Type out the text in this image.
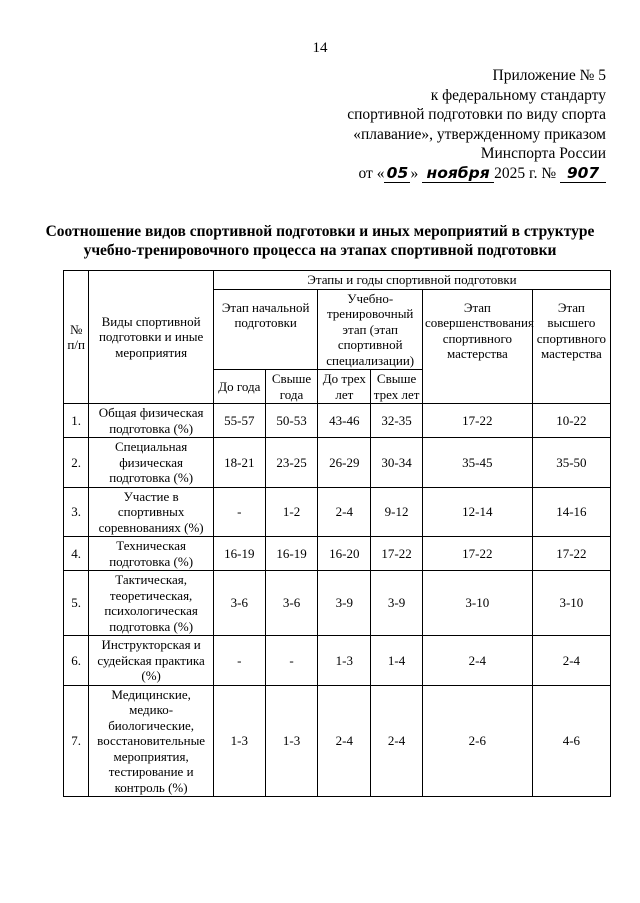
14
Приложение № 5
к федеральному стандарту
спортивной подготовки по виду спорта
«плавание», утвержденному приказом
Минспорта России
от « 05 » ноября 2025 г. № 907
Соотношение видов спортивной подготовки и иных мероприятий в структуре
учебно-тренировочного процесса на этапах спортивной подготовки
№ п/п	Виды спортивной подготовки и иные мероприятия	Этапы и годы спортивной подготовки					
		Этап начальной подготовки		Учебно-тренировочный этап (этап спортивной специализации)		Этап совершенствования спортивного мастерства	Этап высшего спортивного мастерства
		До года	Свыше года	До трех лет	Свыше трех лет		
1.	Общая физическая подготовка (%)	55-57	50-53	43-46	32-35	17-22	10-22
2.	Специальная физическая подготовка (%)	18-21	23-25	26-29	30-34	35-45	35-50
3.	Участие в спортивных соревнованиях (%)	-	1-2	2-4	9-12	12-14	14-16
4.	Техническая подготовка (%)	16-19	16-19	16-20	17-22	17-22	17-22
5.	Тактическая, теоретическая, психологическая подготовка (%)	3-6	3-6	3-9	3-9	3-10	3-10
6.	Инструкторская и судейская практика (%)	-	-	1-3	1-4	2-4	2-4
7.	Медицинские, медико-биологические, восстановительные мероприятия, тестирование и контроль (%)	1-3	1-3	2-4	2-4	2-6	4-6
